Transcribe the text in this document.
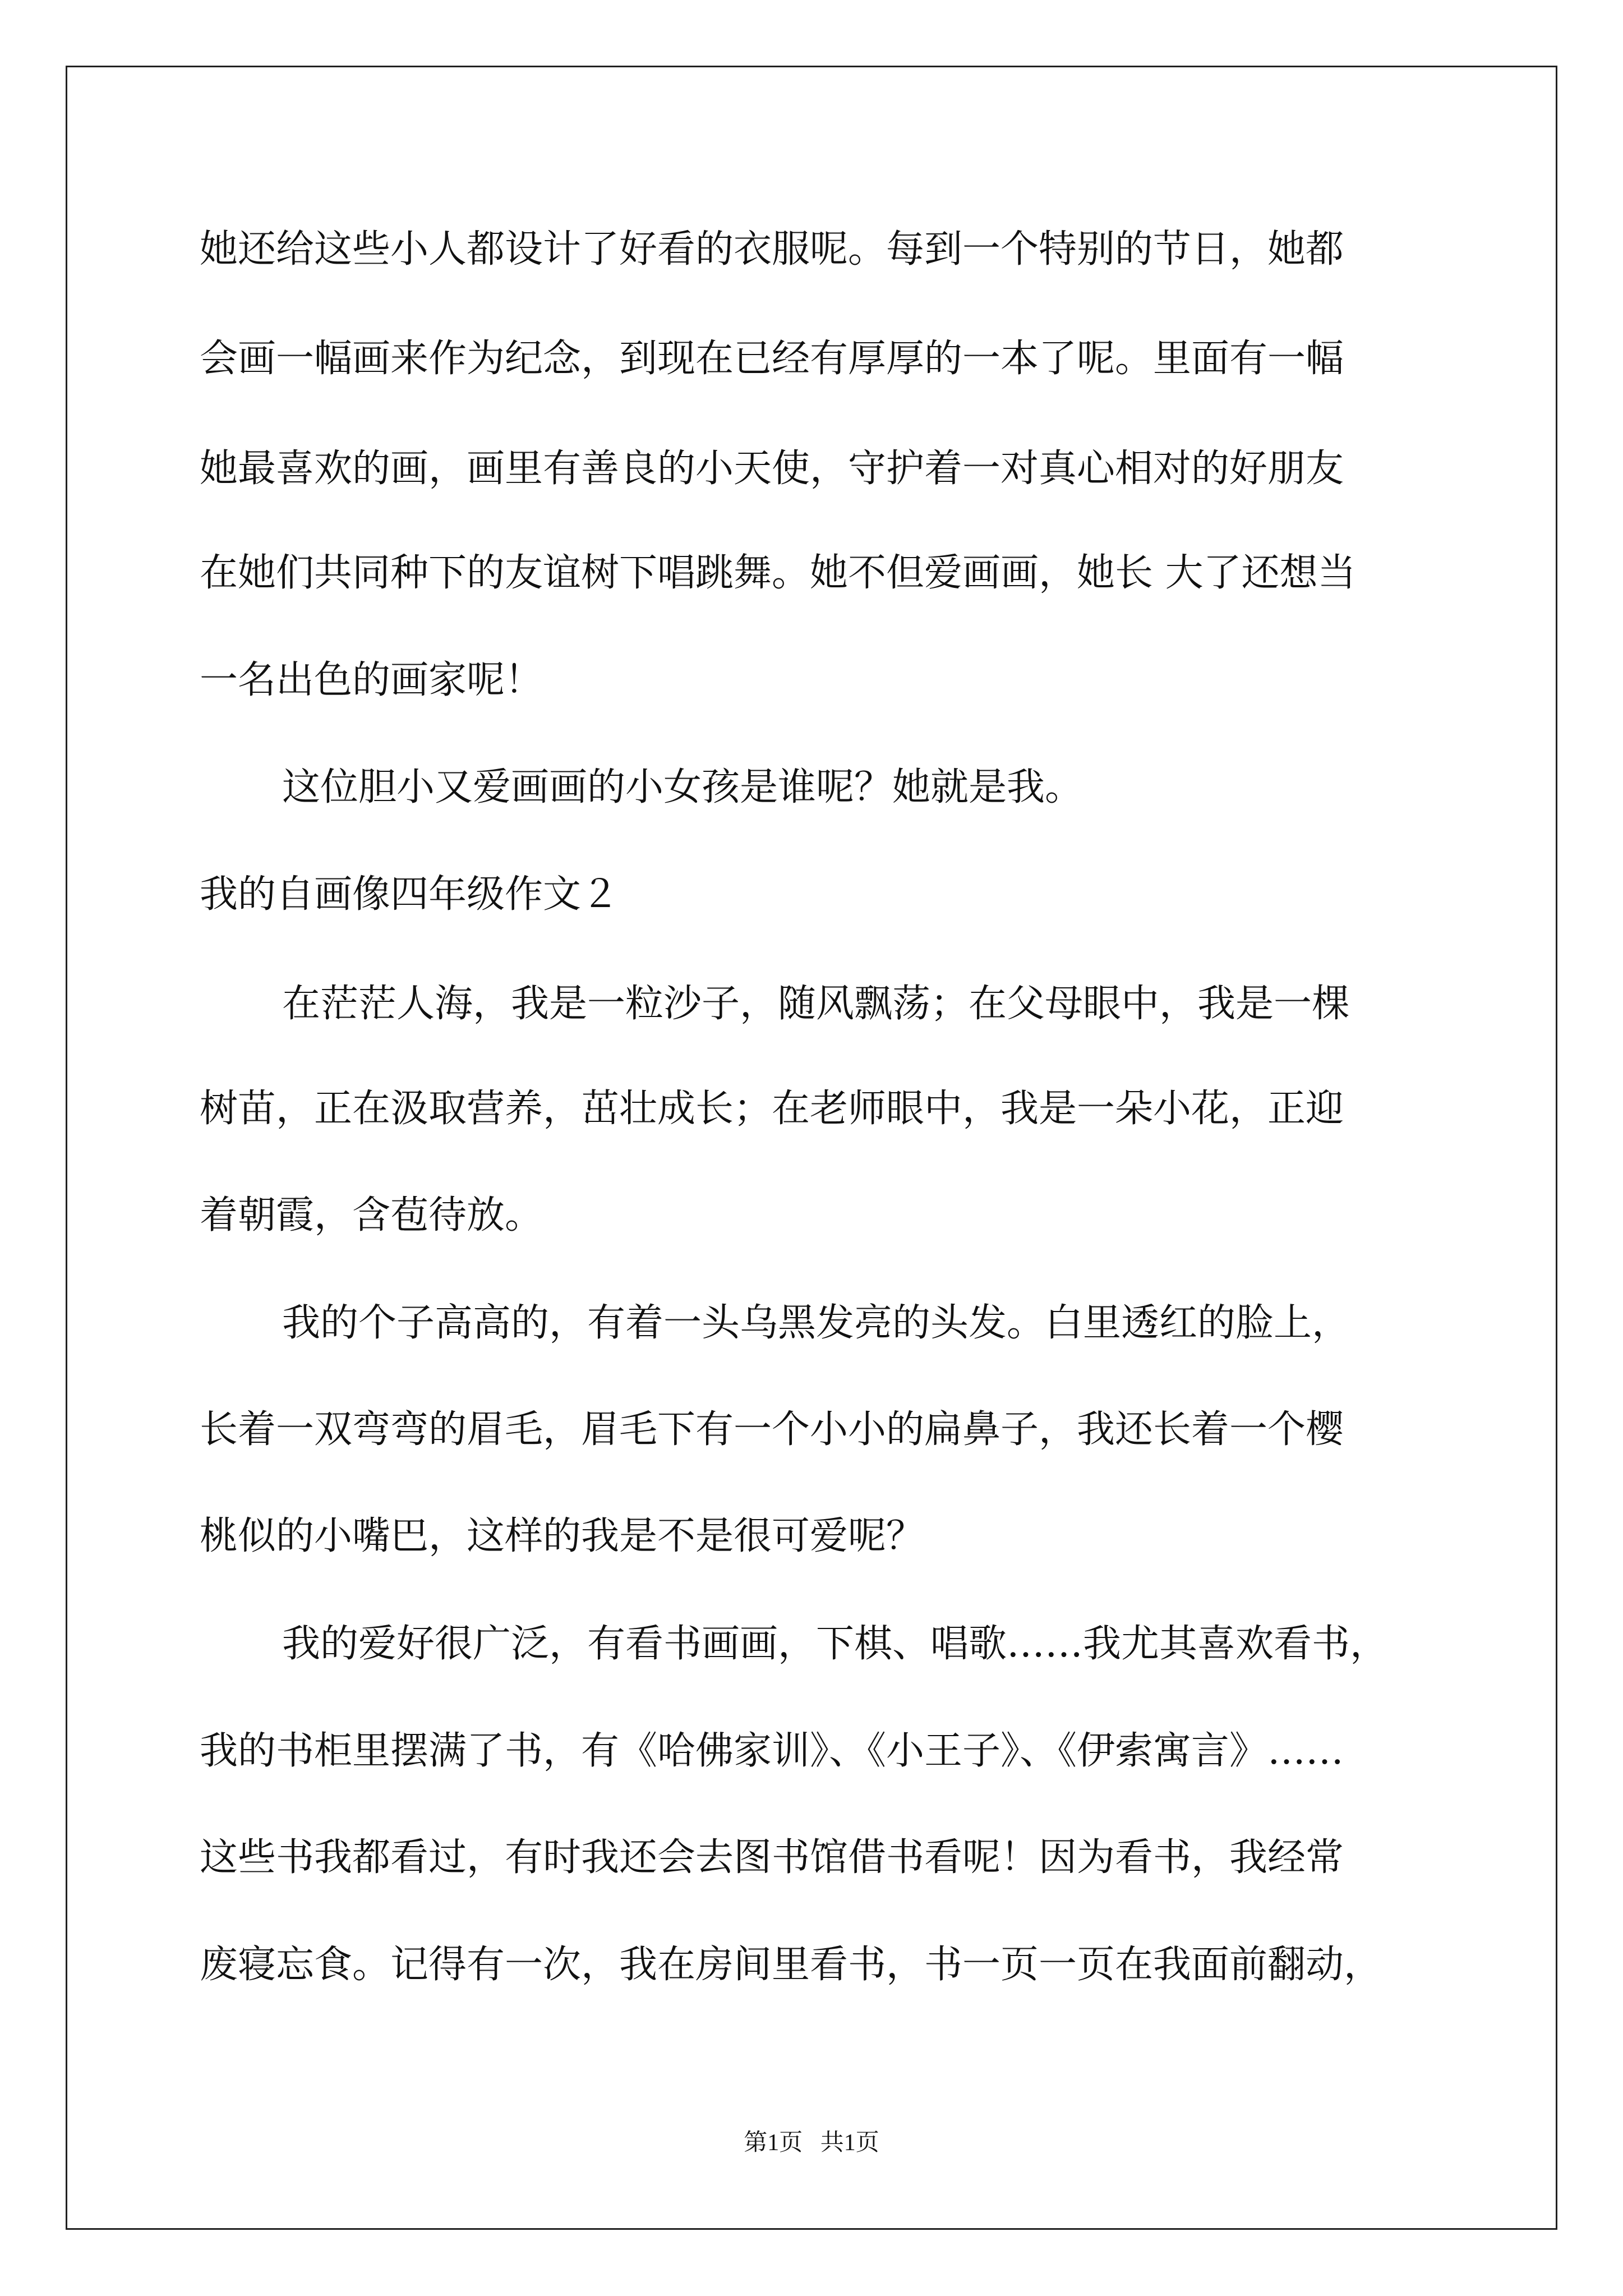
她还给这些小人都设计了好看的衣服呢。每到一个特别的节日，她都
会画一幅画来作为纪念，到现在已经有厚厚的一本了呢。里面有一幅
她最喜欢的画，画里有善良的小天使，守护着一对真心相对的好朋友
在她们共同种下的友谊树下唱跳舞。她不但爱画画，她长 大了还想当
一名出色的画家呢！
这位胆小又爱画画的小女孩是谁呢？她就是我。
我的自画像四年级作文２
在茫茫人海，我是一粒沙子，随风飘荡；在父母眼中，我是一棵
树苗，正在汲取营养，茁壮成长；在老师眼中，我是一朵小花，正迎
着朝霞，含苞待放。
我的个子高高的，有着一头乌黑发亮的头发。白里透红的脸上，
长着一双弯弯的眉毛，眉毛下有一个小小的扁鼻子，我还长着一个樱
桃似的小嘴巴，这样的我是不是很可爱呢？
我的爱好很广泛，有看书画画，下棋、唱歌……我尤其喜欢看书，
我的书柜里摆满了书，有《哈佛家训》、《小王子》、《伊索寓言》……
这些书我都看过，有时我还会去图书馆借书看呢！因为看书，我经常
废寝忘食。记得有一次，我在房间里看书，书一页一页在我面前翻动，
第1页   共1页
